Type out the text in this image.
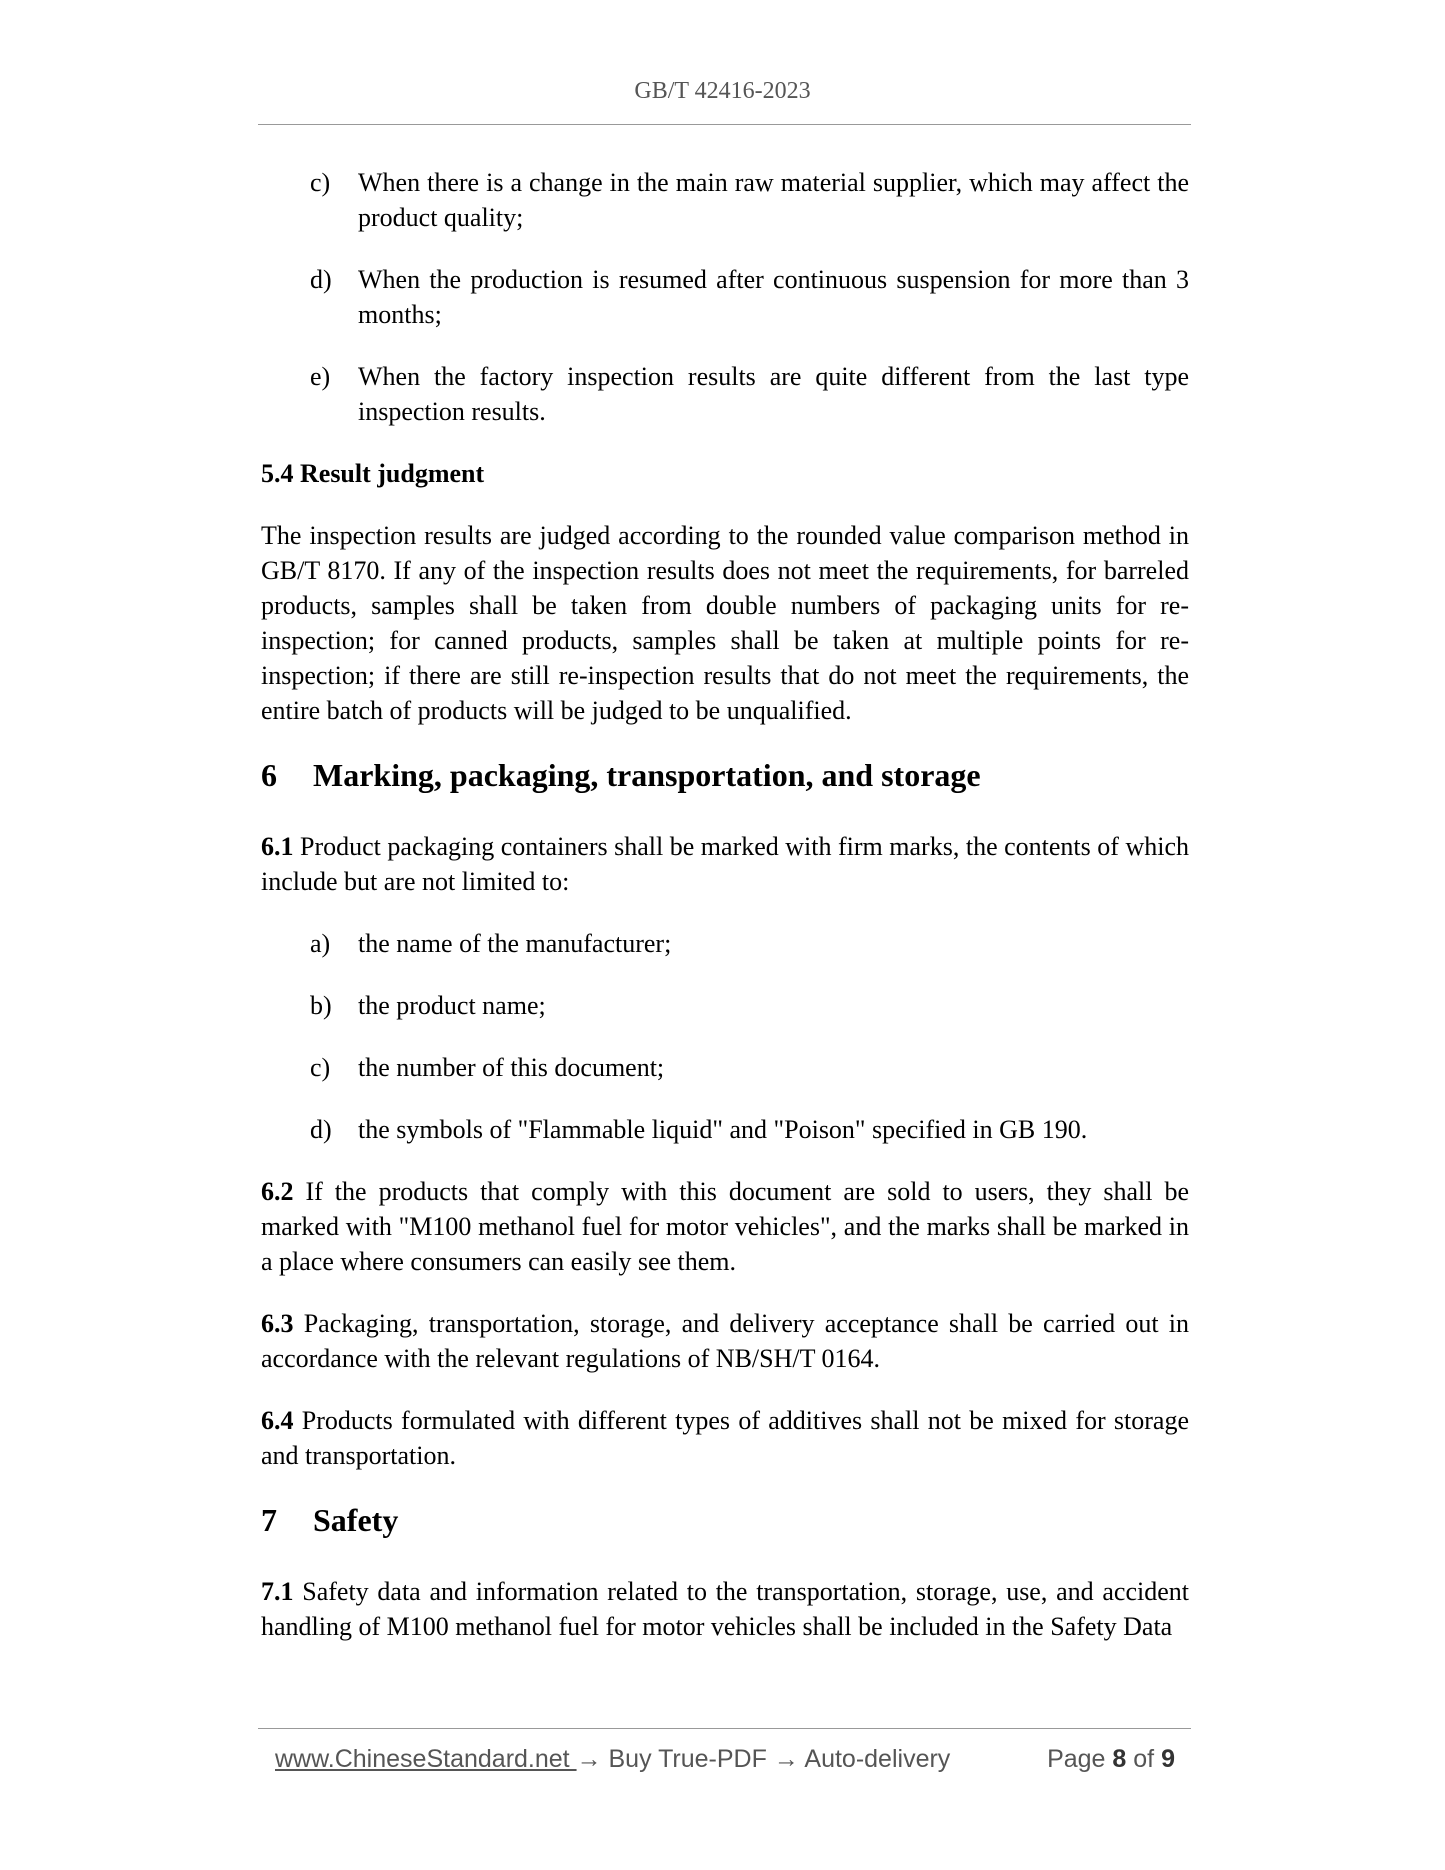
GB/T 42416-2023
c) When there is a change in the main raw material supplier, which may affect the product quality;
d) When the production is resumed after continuous suspension for more than 3 months;
e) When the factory inspection results are quite different from the last type inspection results.
5.4 Result judgment
The inspection results are judged according to the rounded value comparison method in GB/T 8170. If any of the inspection results does not meet the requirements, for barreled products, samples shall be taken from double numbers of packaging units for re-inspection; for canned products, samples shall be taken at multiple points for re-inspection; if there are still re-inspection results that do not meet the requirements, the entire batch of products will be judged to be unqualified.
6 Marking, packaging, transportation, and storage
6.1 Product packaging containers shall be marked with firm marks, the contents of which include but are not limited to:
a) the name of the manufacturer;
b) the product name;
c) the number of this document;
d) the symbols of "Flammable liquid" and "Poison" specified in GB 190.
6.2 If the products that comply with this document are sold to users, they shall be marked with "M100 methanol fuel for motor vehicles", and the marks shall be marked in a place where consumers can easily see them.
6.3 Packaging, transportation, storage, and delivery acceptance shall be carried out in accordance with the relevant regulations of NB/SH/T 0164.
6.4 Products formulated with different types of additives shall not be mixed for storage and transportation.
7 Safety
7.1 Safety data and information related to the transportation, storage, use, and accident handling of M100 methanol fuel for motor vehicles shall be included in the Safety Data
www.ChineseStandard.net → Buy True-PDF → Auto-delivery	Page 8 of 9
